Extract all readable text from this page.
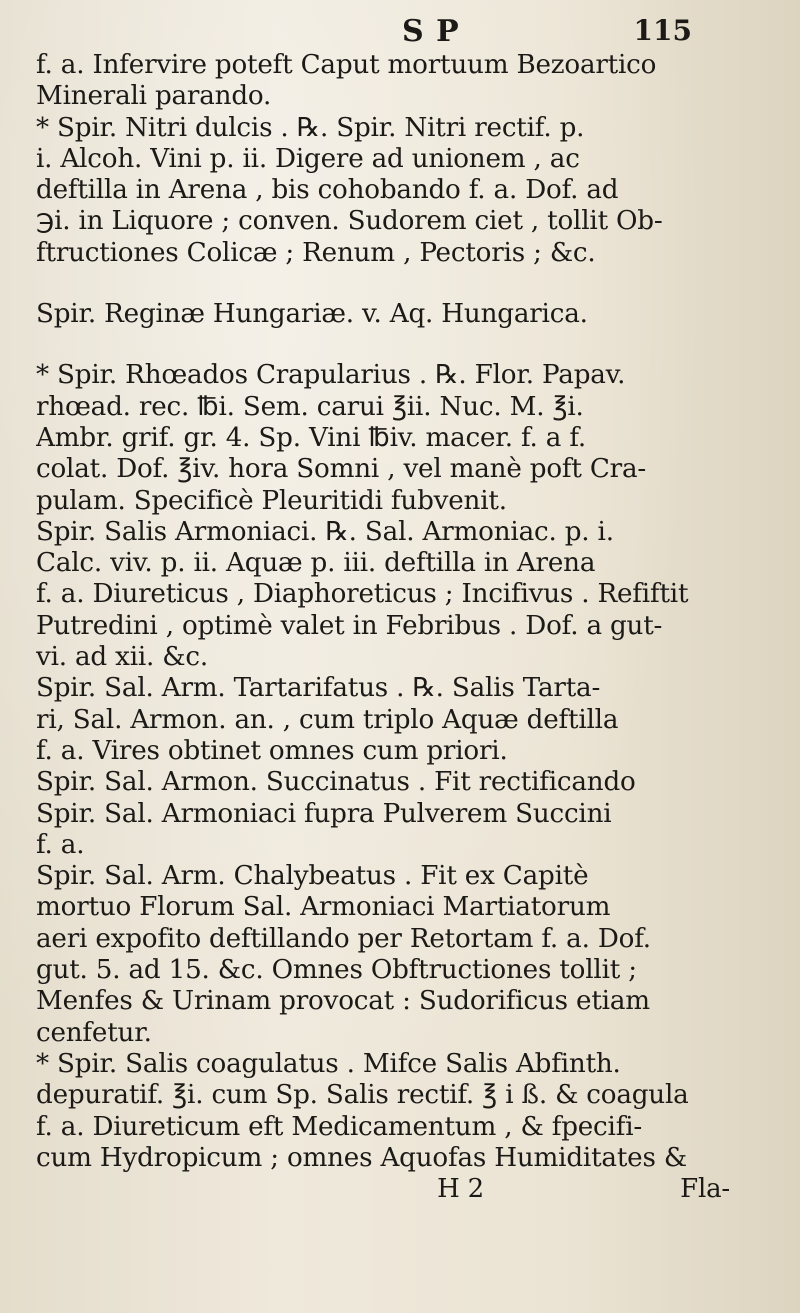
S P	115
f. a. Infervire poteft Caput mortuum Bezoartico
Minerali parando.
* Spir. Nitri dulcis . ℞. Spir. Nitri rectif. p.
i. Alcoh. Vini p. ii. Digere ad unionem , ac
deftilla in Arena , bis cohobando f. a. Dof. ad
℈i. in Liquore ; conven. Sudorem ciet , tollit Ob-
ftructiones Colicæ ; Renum , Pectoris ; &c.
Spir. Reginæ Hungariæ. v. Aq. Hungarica.
* Spir. Rhœados Crapularius . ℞. Flor. Papav.
rhœad. rec. ℔i. Sem. carui ℥ii. Nuc. M. ℥i.
Ambr. grif. gr. 4. Sp. Vini ℔iv. macer. f. a f.
colat. Dof. ℥iv. hora Somni , vel manè poft Cra-
pulam. Specificè Pleuritidi fubvenit.
Spir. Salis Armoniaci. ℞. Sal. Armoniac. p. i.
Calc. viv. p. ii. Aquæ p. iii. deftilla in Arena
f. a. Diureticus , Diaphoreticus ; Incifivus . Refiftit
Putredini , optimè valet in Febribus . Dof. a gut-
vi. ad xii. &c.
Spir. Sal. Arm. Tartarifatus . ℞. Salis Tarta-
ri, Sal. Armon. an. , cum triplo Aquæ deftilla
f. a. Vires obtinet omnes cum priori.
Spir. Sal. Armon. Succinatus . Fit rectificando
Spir. Sal. Armoniaci fupra Pulverem Succini
f. a.
Spir. Sal. Arm. Chalybeatus . Fit ex Capitè
mortuo Florum Sal. Armoniaci Martiatorum
aeri expofito deftillando per Retortam f. a. Dof.
gut. 5. ad 15. &c. Omnes Obftructiones tollit ;
Menfes & Urinam provocat : Sudorificus etiam
cenfetur.
* Spir. Salis coagulatus . Mifce Salis Abfinth.
depuratif. ℥i. cum Sp. Salis rectif. ℥ i ß. & coagula
f. a. Diureticum eft Medicamentum , & fpecifi-
cum Hydropicum ; omnes Aquofas Humiditates &
H 2	Fla-
